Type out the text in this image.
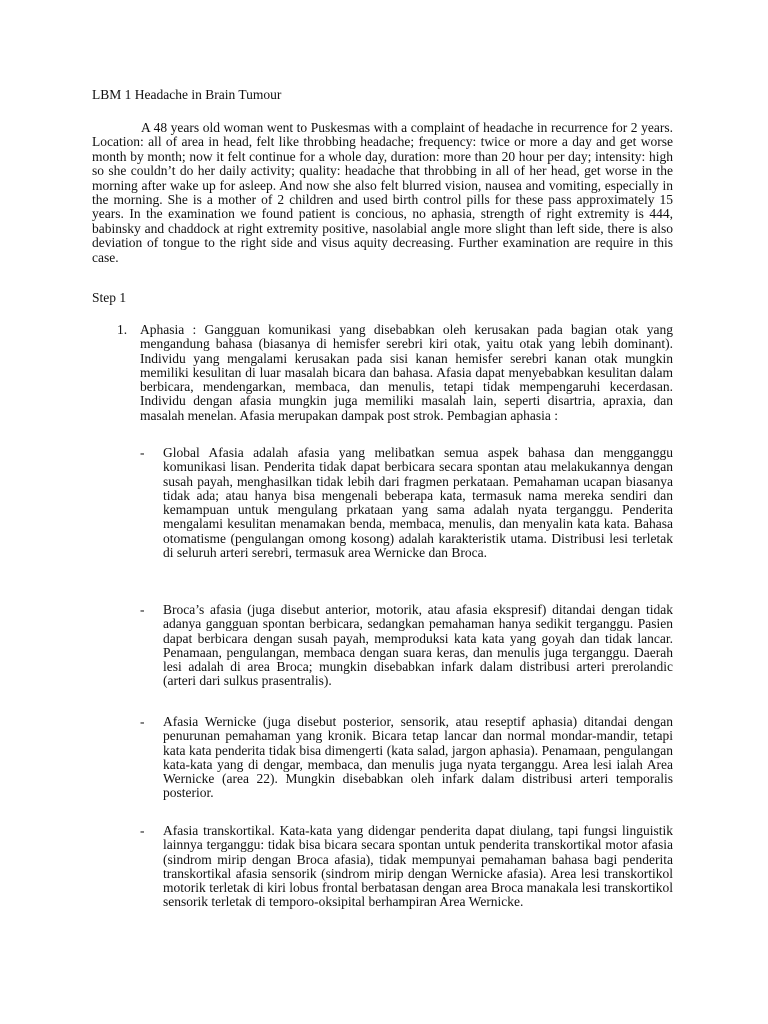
LBM 1 Headache in Brain Tumour
A 48 years old woman went to Puskesmas with a complaint of headache in recurrence for 2 years. Location: all of area in head, felt like throbbing headache; frequency: twice or more a day and get worse month by month; now it felt continue for a whole day, duration: more than 20 hour per day; intensity: high so she couldn’t do her daily activity; quality: headache that throbbing in all of her head, get worse in the morning after wake up for asleep. And now she also felt blurred vision, nausea and vomiting, especially in the morning. She is a mother of 2 children and used birth control pills for these pass approximately 15 years. In the examination we found patient is concious, no aphasia, strength of right extremity is 444, babinsky and chaddock at right extremity positive, nasolabial angle more slight than left side, there is also deviation of tongue to the right side and visus aquity decreasing. Further examination are require in this case.
Step 1
1. Aphasia : Gangguan komunikasi yang disebabkan oleh kerusakan pada bagian otak yang mengandung bahasa (biasanya di hemisfer serebri kiri otak, yaitu otak yang lebih dominant). Individu yang mengalami kerusakan pada sisi kanan hemisfer serebri kanan otak mungkin memiliki kesulitan di luar masalah bicara dan bahasa. Afasia dapat menyebabkan kesulitan dalam berbicara, mendengarkan, membaca, dan menulis, tetapi tidak mempengaruhi kecerdasan. Individu dengan afasia mungkin juga memiliki masalah lain, seperti disartria, apraxia, dan masalah menelan. Afasia merupakan dampak post strok. Pembagian aphasia :
- Global Afasia adalah afasia yang melibatkan semua aspek bahasa dan mengganggu komunikasi lisan. Penderita tidak dapat berbicara secara spontan atau melakukannya dengan susah payah, menghasilkan tidak lebih dari fragmen perkataan. Pemahaman ucapan biasanya tidak ada; atau hanya bisa mengenali beberapa kata, termasuk nama mereka sendiri dan kemampuan untuk mengulang prkataan yang sama adalah nyata terganggu. Penderita mengalami kesulitan menamakan benda, membaca, menulis, dan menyalin kata kata. Bahasa otomatisme (pengulangan omong kosong) adalah karakteristik utama. Distribusi lesi terletak di seluruh arteri serebri, termasuk area Wernicke dan Broca.
- Broca’s afasia (juga disebut anterior, motorik, atau afasia ekspresif) ditandai dengan tidak adanya gangguan spontan berbicara, sedangkan pemahaman hanya sedikit terganggu. Pasien dapat berbicara dengan susah payah, memproduksi kata kata yang goyah dan tidak lancar. Penamaan, pengulangan, membaca dengan suara keras, dan menulis juga terganggu. Daerah lesi adalah di area Broca; mungkin disebabkan infark dalam distribusi arteri prerolandic (arteri dari sulkus prasentralis).
- Afasia Wernicke (juga disebut posterior, sensorik, atau reseptif aphasia) ditandai dengan penurunan pemahaman yang kronik. Bicara tetap lancar dan normal mondar-mandir, tetapi kata kata penderita tidak bisa dimengerti (kata salad, jargon aphasia). Penamaan, pengulangan kata-kata yang di dengar, membaca, dan menulis juga nyata terganggu. Area lesi ialah Area Wernicke (area 22). Mungkin disebabkan oleh infark dalam distribusi arteri temporalis posterior.
- Afasia transkortikal. Kata-kata yang didengar penderita dapat diulang, tapi fungsi linguistik lainnya terganggu: tidak bisa bicara secara spontan untuk penderita transkortikal motor afasia (sindrom mirip dengan Broca afasia), tidak mempunyai pemahaman bahasa bagi penderita transkortikal afasia sensorik (sindrom mirip dengan Wernicke afasia). Area lesi transkortikol motorik terletak di kiri lobus frontal berbatasan dengan area Broca manakala lesi transkortikol sensorik terletak di temporo-oksipital berhampiran Area Wernicke.
